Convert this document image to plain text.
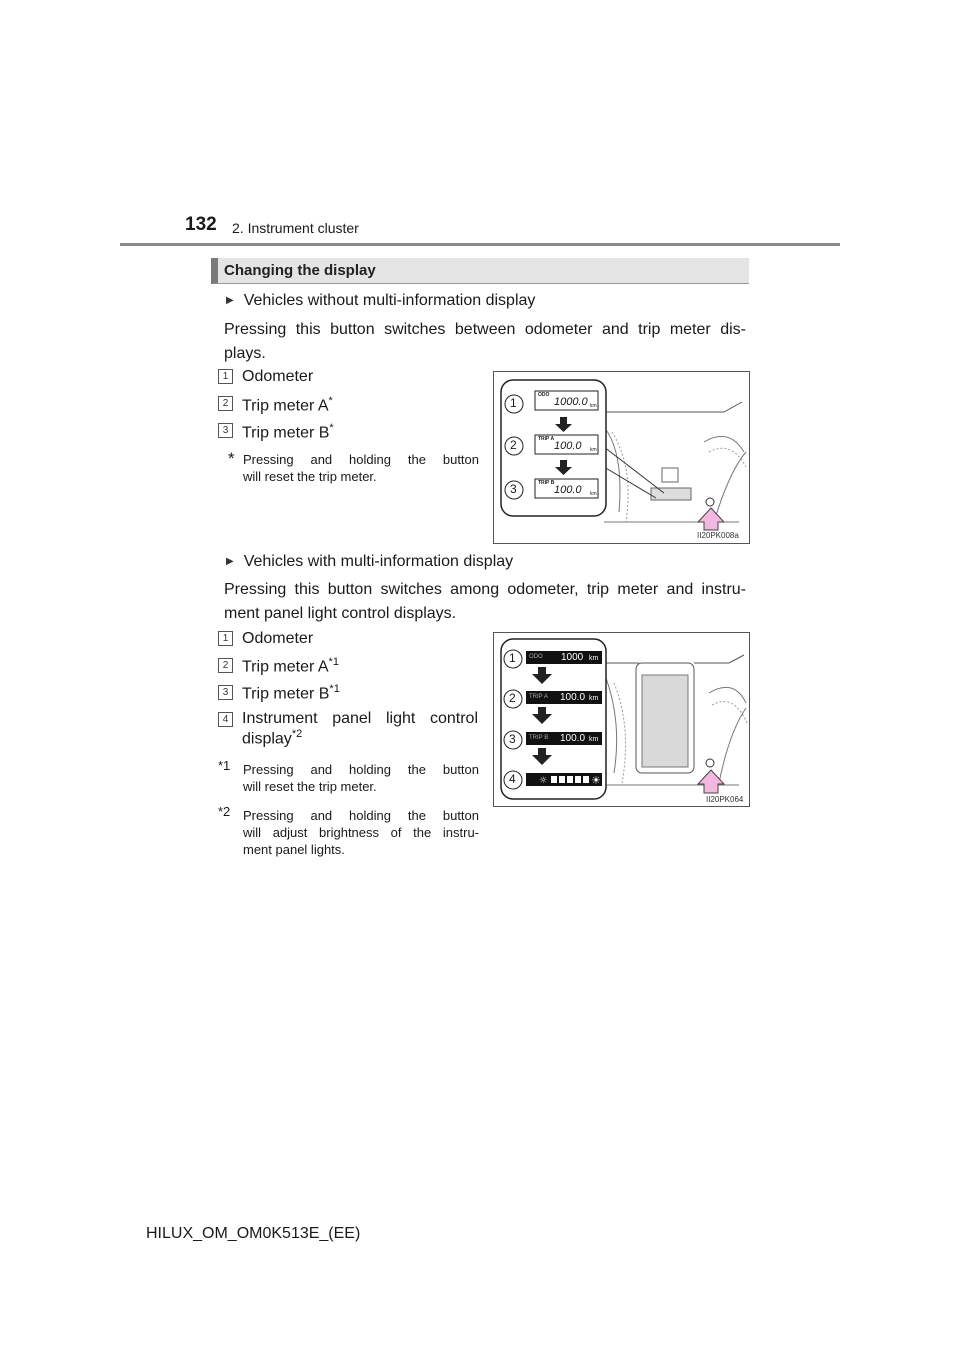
132 2. Instrument cluster
Changing the display
▶ Vehicles without multi-information display
Pressing this button switches between odometer and trip meter dis-
plays.
1 Odometer
2 Trip meter A*
3 Trip meter B*
* Pressing and holding the button
will reset the trip meter.
1
ODO
1000.0 km
2	TRIP A
100.0 km
3	TRIP B
100.0 km
II20PK008a
▶ Vehicles with multi-information display
Pressing this button switches among odometer, trip meter and instru-
ment panel light control displays.
1 Odometer
2 Trip meter $A^{*1}$
3 Trip meter $B^{*1}$
4 Instrument panel light control
display$^{*2}$
*1 Pressing and holding the button
will reset the trip meter.
*2 Pressing and holding the button
will adjust brightness of the instru-
ment panel lights.
☼	☀
1 ODO 1000 km
2 TRIP A 100.0 km
3 TRIP B 100.0 km
4
II20PK064
HILUX_OM_OM0K513E_(EE)
